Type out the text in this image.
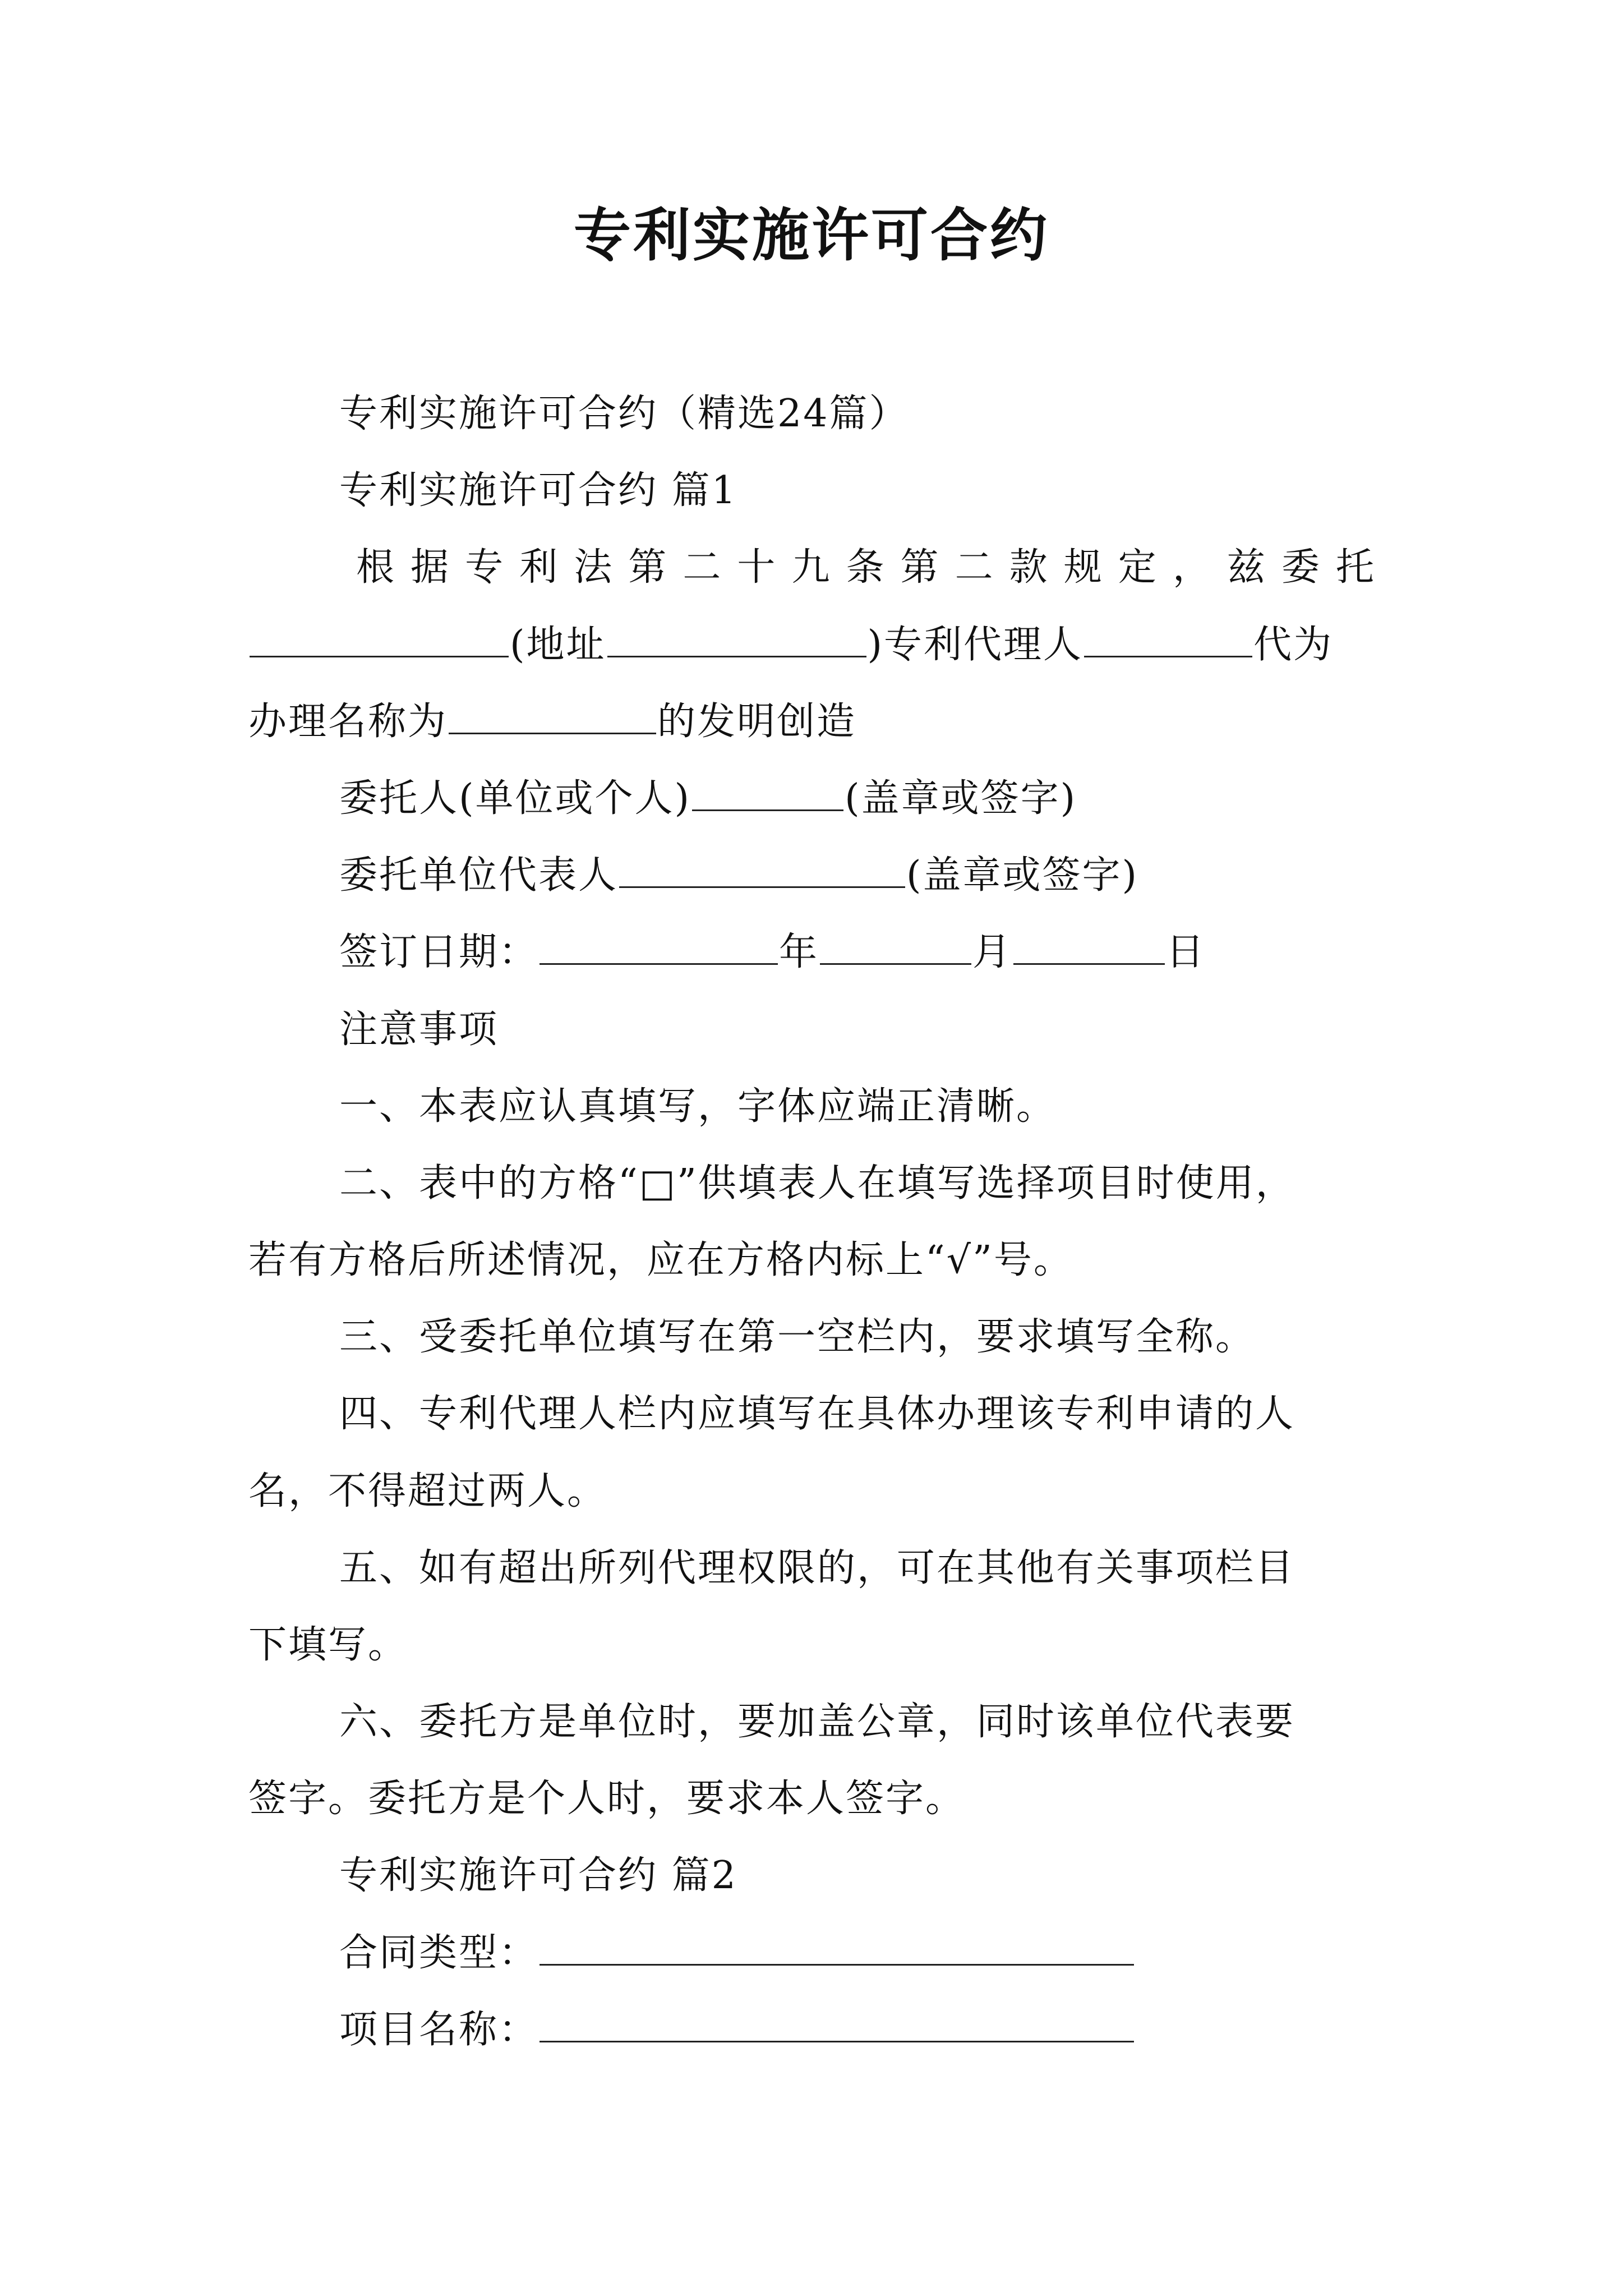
专利实施许可合约
专利实施许可合约（精选24篇）
专利实施许可合约 篇1
根据专利法第二十九条第二款规定，兹委托
(地址	)专利代理人	代为
办理名称为	的发明创造
委托人(单位或个人)	(盖章或签字)
委托单位代表人	(盖章或签字)
签订日期：	年	月	日
注意事项
一、本表应认真填写，字体应端正清晰。
二、表中的方格“□”供填表人在填写选择项目时使用，
若有方格后所述情况，应在方格内标上“√”号。
三、受委托单位填写在第一空栏内，要求填写全称。
四、专利代理人栏内应填写在具体办理该专利申请的人
名，不得超过两人。
五、如有超出所列代理权限的，可在其他有关事项栏目
下填写。
六、委托方是单位时，要加盖公章，同时该单位代表要
签字。委托方是个人时，要求本人签字。
专利实施许可合约 篇2
合同类型：
项目名称：
